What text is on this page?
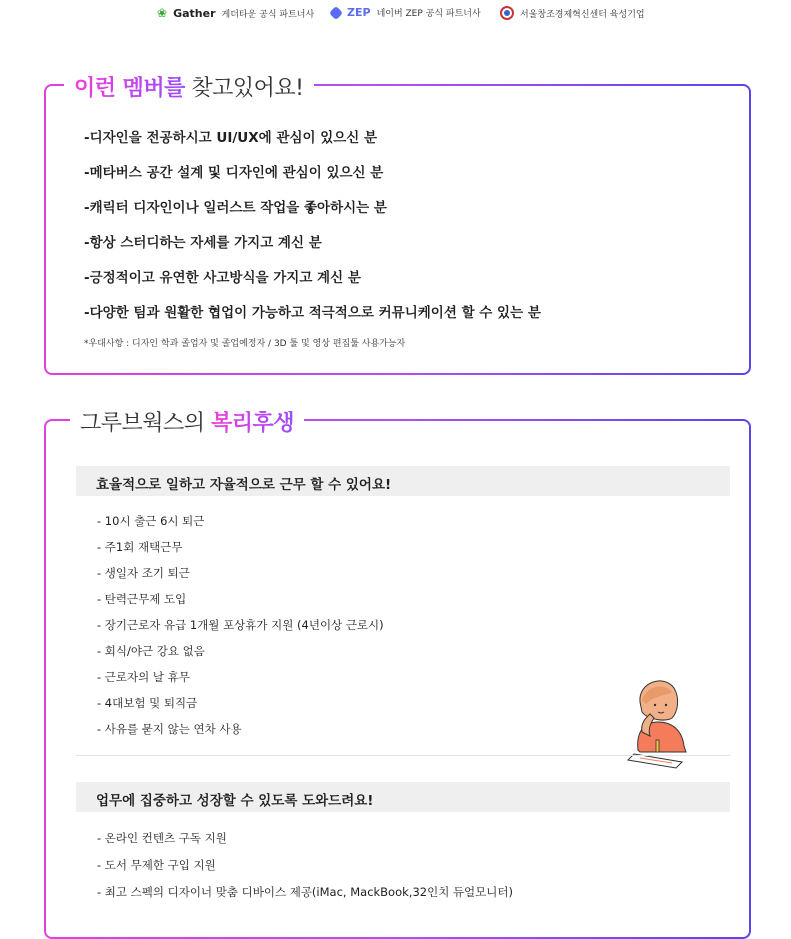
❀ Gather 게더타운 공식 파트너사	ZEP 네이버 ZEP 공식 파트너사	서울창조경제혁신센터 육성기업
이런 멤버를 찾고있어요!
-디자인을 전공하시고 UI/UX에 관심이 있으신 분
-메타버스 공간 설계 및 디자인에 관심이 있으신 분
-캐릭터 디자인이나 일러스트 작업을 좋아하시는 분
-항상 스터디하는 자세를 가지고 계신 분
-긍정적이고 유연한 사고방식을 가지고 계신 분
-다양한 팀과 원활한 협업이 가능하고 적극적으로 커뮤니케이션 할 수 있는 분
*우대사항 : 디자인 학과 졸업자 및 졸업예정자 / 3D 툴 및 영상 편집툴 사용가능자
그루브웍스의 복리후생
효율적으로 일하고 자율적으로 근무 할 수 있어요!
- 10시 출근 6시 퇴근
- 주1회 재택근무
- 생일자 조기 퇴근
- 탄력근무제 도입
- 장기근로자 유급 1개월 포상휴가 지원 (4년이상 근로시)
- 회식/야근 강요 없음
- 근로자의 날 휴무
- 4대보험 및 퇴직금
- 사유를 묻지 않는 연차 사용
업무에 집중하고 성장할 수 있도록 도와드려요!
- 온라인 컨텐츠 구독 지원
- 도서 무제한 구입 지원
- 최고 스펙의 디자이너 맞춤 디바이스 제공(iMac, MackBook,32인치 듀얼모니터)
